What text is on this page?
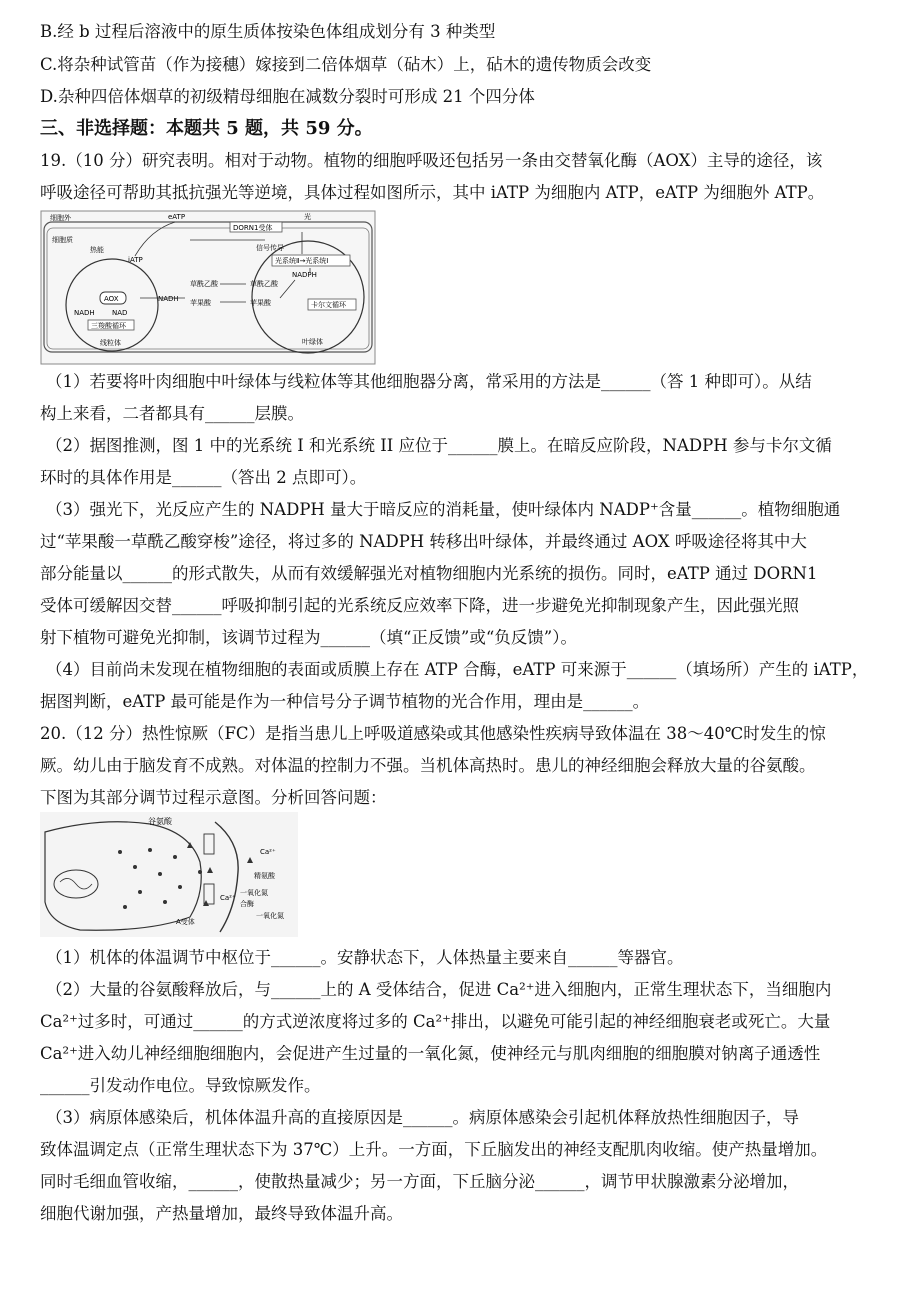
B.经 b 过程后溶液中的原生质体按染色体组成划分有 3 种类型
C.将杂种试管苗（作为接穗）嫁接到二倍体烟草（砧木）上，砧木的遗传物质会改变
D.杂种四倍体烟草的初级精母细胞在减数分裂时可形成 21 个四分体
三、非选择题：本题共 5 题，共 59 分。
19.（10 分）研究表明。相对于动物。植物的细胞呼吸还包括另一条由交替氧化酶（AOX）主导的途径，该
呼吸途径可帮助其抵抗强光等逆境，具体过程如图所示，其中 iATP 为细胞内 ATP，eATP 为细胞外 ATP。
细胞外	eATP	光
DORN1受体
细胞质
热能
iATP
信号传导
光系统Ⅱ→光系统Ⅰ
NADPH
草酰乙酸	草酰乙酸
苹果酸	苹果酸
NADH
AOX
NADH NAD
三羧酸循环
卡尔文循环
线粒体	叶绿体
（1）若要将叶肉细胞中叶绿体与线粒体等其他细胞器分离，常采用的方法是______（答 1 种即可）。从结
构上来看，二者都具有______层膜。
（2）据图推测，图 1 中的光系统 I 和光系统 II 应位于______膜上。在暗反应阶段，NADPH 参与卡尔文循
环时的具体作用是______（答出 2 点即可）。
（3）强光下，光反应产生的 NADPH 量大于暗反应的消耗量，使叶绿体内 NADP⁺含量______。植物细胞通
过“苹果酸一草酰乙酸穿梭”途径，将过多的 NADPH 转移出叶绿体，并最终通过 AOX 呼吸途径将其中大
部分能量以______的形式散失，从而有效缓解强光对植物细胞内光系统的损伤。同时，eATP 通过 DORN1
受体可缓解因交替______呼吸抑制引起的光系统反应效率下降，进一步避免光抑制现象产生，因此强光照
射下植物可避免光抑制，该调节过程为______（填“正反馈”或“负反馈”）。
（4）目前尚未发现在植物细胞的表面或质膜上存在 ATP 合酶，eATP 可来源于______（填场所）产生的 iATP，
据图判断，eATP 最可能是作为一种信号分子调节植物的光合作用，理由是______。
20.（12 分）热性惊厥（FC）是指当患儿上呼吸道感染或其他感染性疾病导致体温在 38～40℃时发生的惊
厥。幼儿由于脑发育不成熟。对体温的控制力不强。当机体高热时。患儿的神经细胞会释放大量的谷氨酸。
下图为其部分调节过程示意图。分析回答问题：
谷氨酸
Ca²⁺
精氨酸
一氧化氮
合酶
Ca²⁺
一氧化氮
A受体
（1）机体的体温调节中枢位于______。安静状态下，人体热量主要来自______等器官。
（2）大量的谷氨酸释放后，与______上的 A 受体结合，促进 Ca²⁺进入细胞内，正常生理状态下，当细胞内
Ca²⁺过多时，可通过______的方式逆浓度将过多的 Ca²⁺排出，以避免可能引起的神经细胞衰老或死亡。大量
Ca²⁺进入幼儿神经细胞细胞内，会促进产生过量的一氧化氮，使神经元与肌肉细胞的细胞膜对钠离子通透性
______引发动作电位。导致惊厥发作。
（3）病原体感染后，机体体温升高的直接原因是______。病原体感染会引起机体释放热性细胞因子，导
致体温调定点（正常生理状态下为 37℃）上升。一方面，下丘脑发出的神经支配肌肉收缩。使产热量增加。
同时毛细血管收缩，______，使散热量减少；另一方面，下丘脑分泌______，调节甲状腺激素分泌增加，
细胞代谢加强，产热量增加，最终导致体温升高。
